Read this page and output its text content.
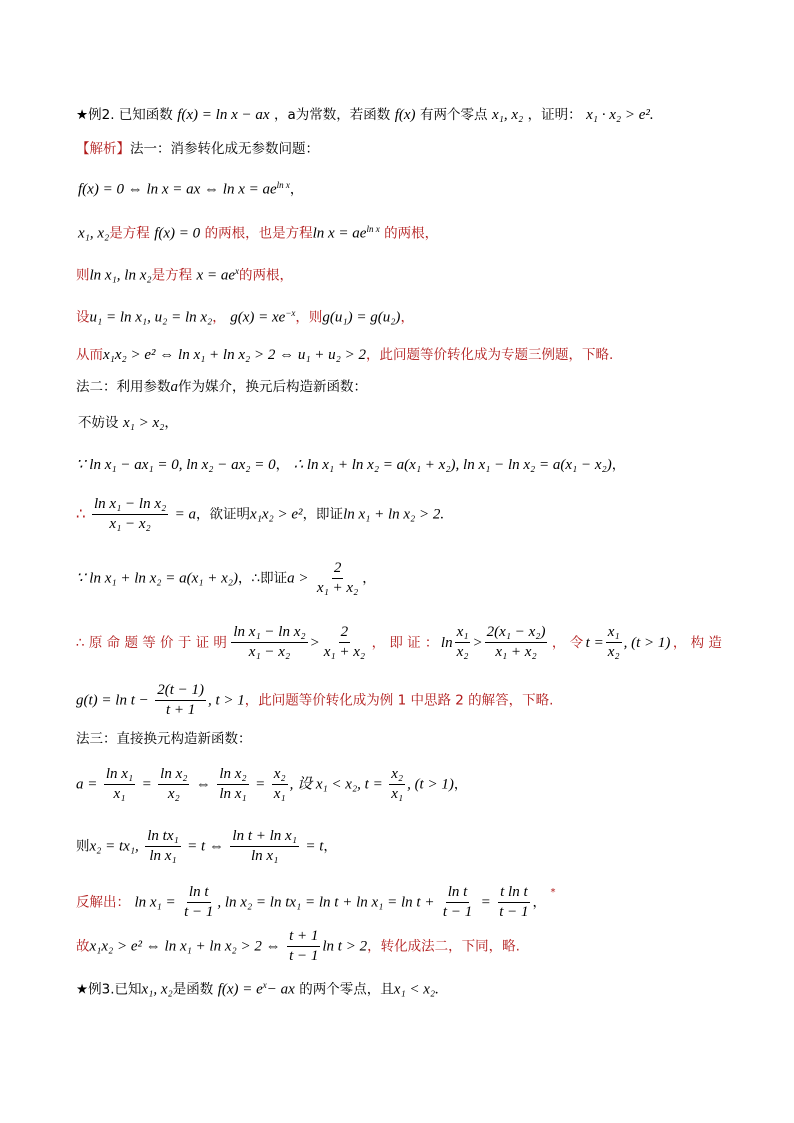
★例2. 已知函数 f(x) = ln x − ax ，a为常数，若函数 f(x) 有两个零点 x₁, x₂ ，证明： x₁ · x₂ > e².
【解析】法一：消参转化成无参数问题：
f(x) = 0 ⇔ ln x = ax ⇔ $\ln x = ae^{ln x}$，
x₁, x₂是方程 f(x) = 0 的两根，也是方程$\ln x = ae^{ln x}$ 的两根，
则ln x₁, ln x₂是方程 $x = ae^x$的两根，
设u₁ = ln x₁, u₂ = ln x₂， $g(x) = xe^{-x}$，则g(u₁) = g(u₂)，
从而x₁x₂ > e² ⇔ ln x₁ + ln x₂ > 2 ⇔ u₁ + u₂ > 2，此问题等价转化成为专题三例题，下略.
法二：利用参数a作为媒介，换元后构造新函数：
不妨设 x₁ > x₂，
∵ ln x₁ − ax₁ = 0, ln x₂ − ax₂ = 0， ∴ ln x₁ + ln x₂ = a(x₁ + x₂), ln x₁ − ln x₂ = a(x₁ − x₂)，
∴ $\frac{\text{ln x₁ − ln x₂}}{\text{x₁ − x₂}} = a$，欲证明x₁x₂ > e²，即证ln x₁ + ln x₂ > 2.
∵ ln x₁ + ln x₂ = a(x₁ + x₂)，∴即证$a > \frac{2}{\text{x₁ + x₂}}$ ，
∴ 原 命 题 等 价 于 证 明 $\frac{\text{ln x₁ − ln x₂}}{\text{x₁ − x₂}} > \frac{2}{\text{x₁ + x₂}}$ ， 即 证 ： $\ln \frac{\text{x₁}}{\text{x₂}} > \frac{\text{2(x₁ − x₂)}}{\text{x₁ + x₂}}$ ， 令 $t = \frac{\text{x₁}}{\text{x₂}}$ , (t > 1) ， 构 造
$g(t) = \ln t - \frac{2(t - 1)}{t + 1}$ , t > 1，此问题等价转化成为例 1 中思路 2 的解答，下略.
法三：直接换元构造新函数：
$a = \frac{\text{ln x₁}}{\text{x₁}} = \frac{\text{ln x₂}}{\text{x₂}}$ ⇔ $\frac{\text{ln x₂}}{\text{ln x₁}} = \frac{\text{x₂}}{\text{x₁}}$ , 设 x₁ < x₂, $t = \frac{\text{x₂}}{\text{x₁}}$ , (t > 1)，
则x₂ = tx₁, $\frac{\text{ln tx₁}}{\text{ln x₁}} = t$ ⇔ $\frac{\text{ln t + ln x₁}}{\text{ln x₁}} = t$，
反解出： $\ln x_1 = \frac{\text{ln t}}{t - 1}$ , $\ln x_2 = \ln tx_1 = \ln t + \ln x_1 = \ln t + \frac{\text{ln t}}{t - 1} = \frac{\text{t ln t}}{t - 1}$ ， *
故x₁x₂ > e² ⇔ ln x₁ + ln x₂ > 2 ⇔ $\frac{t + 1}{t - 1}$ ln t > 2，转化成法二，下同，略.
★例3.已知x₁, x₂是函数 $f(x) = e^x-$ ax 的两个零点，且x₁ < x₂.
